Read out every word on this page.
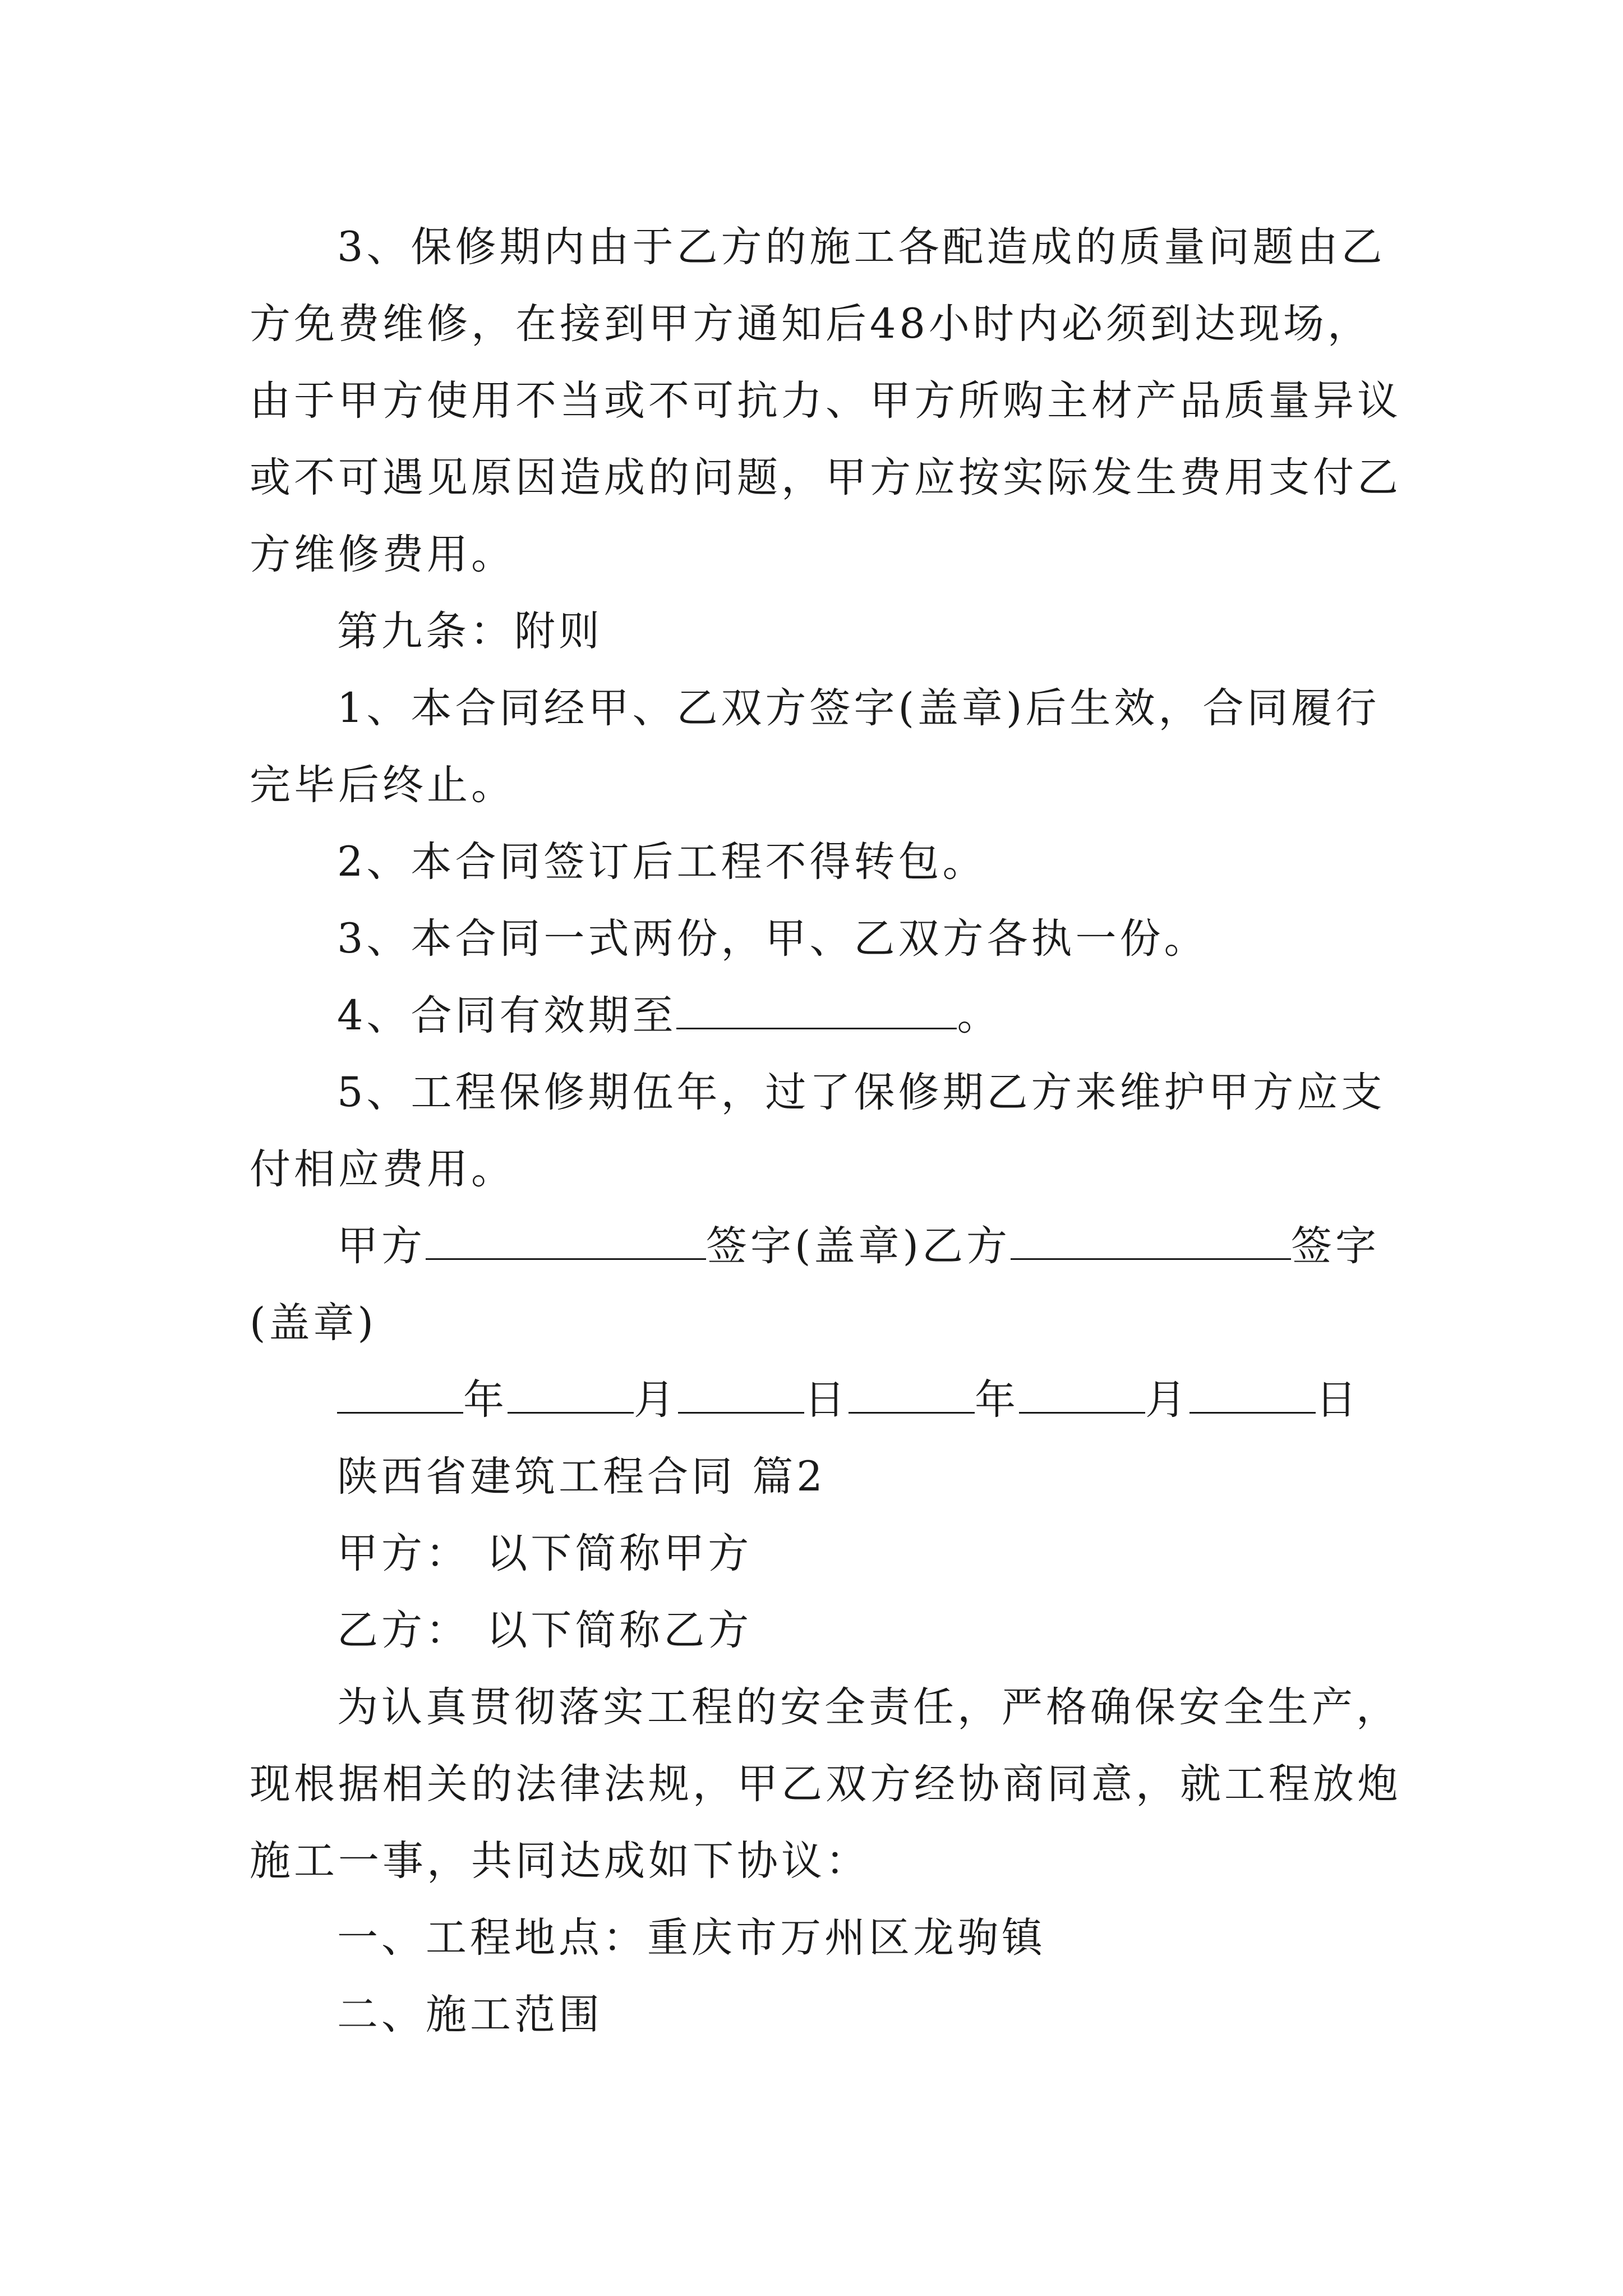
3、保修期内由于乙方的施工各配造成的质量问题由乙
方免费维修，在接到甲方通知后48小时内必须到达现场，
由于甲方使用不当或不可抗力、甲方所购主材产品质量异议
或不可遇见原因造成的问题，甲方应按实际发生费用支付乙
方维修费用。
第九条：附则
1、本合同经甲、乙双方签字(盖章)后生效，合同履行
完毕后终止。
2、本合同签订后工程不得转包。
3、本合同一式两份，甲、乙双方各执一份。
4、合同有效期至	。
5、工程保修期伍年，过了保修期乙方来维护甲方应支
付相应费用。
甲方	签字(盖章)乙方	签字
(盖章)
年	月	日	年	月	日
陕西省建筑工程合同 篇2
甲方： 以下简称甲方
乙方： 以下简称乙方
为认真贯彻落实工程的安全责任，严格确保安全生产，
现根据相关的法律法规，甲乙双方经协商同意，就工程放炮
施工一事，共同达成如下协议：
一、工程地点：重庆市万州区龙驹镇
二、施工范围
